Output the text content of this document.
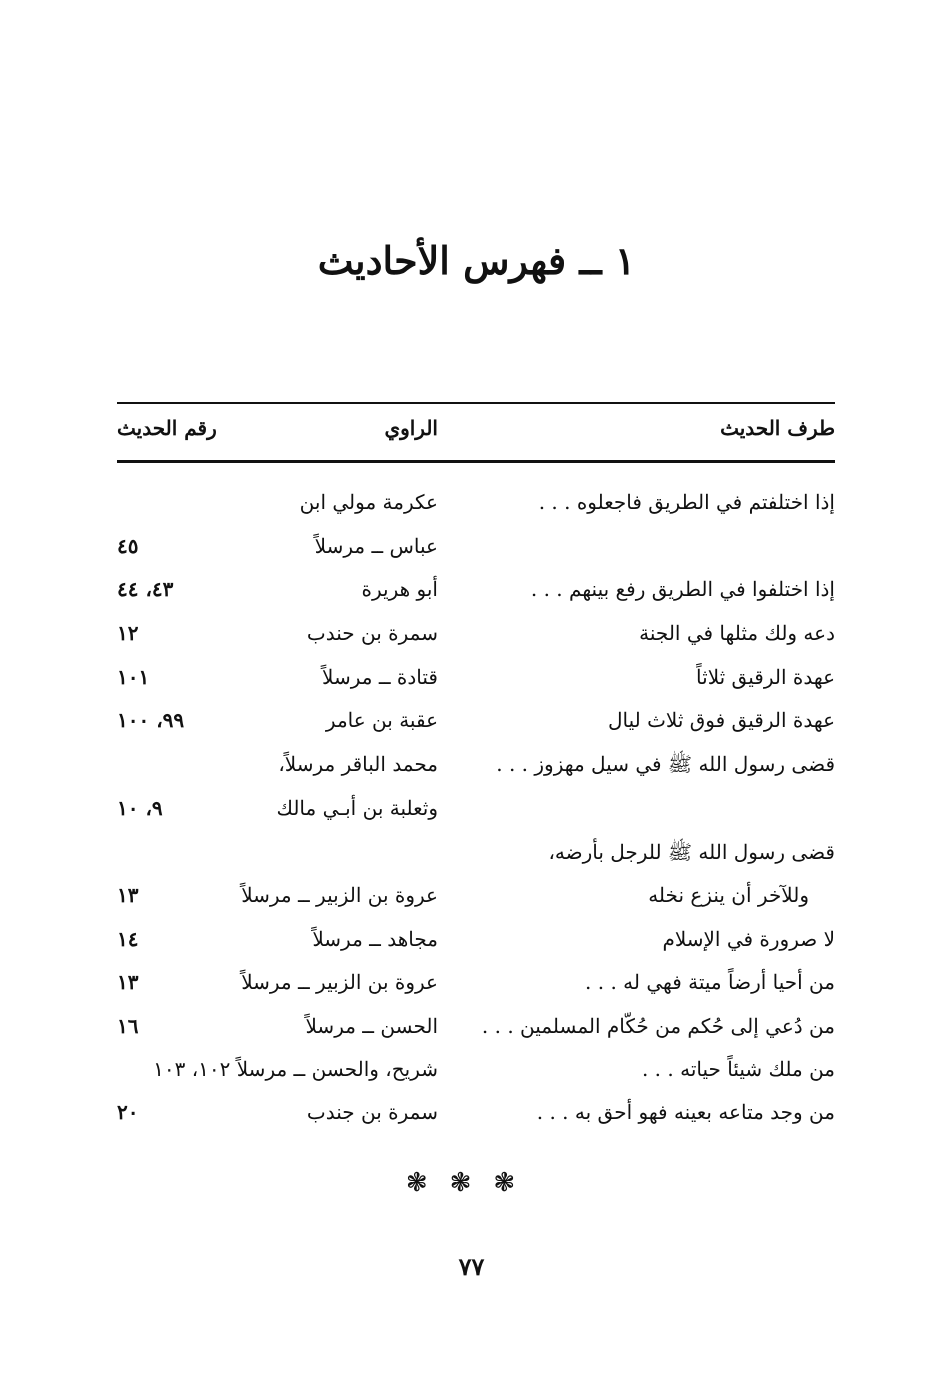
١ ــ فهرس الأحاديث
طرف الحديث
الراوي
رقم الحديث
إذا اختلفتم في الطريق فاجعلوه . . .
عكرمة مولي ابن
عباس ــ مرسلاً
٤٥
إذا اختلفوا في الطريق رفع بينهم . . .
أبو هريرة
٤٣، ٤٤
دعه ولك مثلها في الجنة
سمرة بن حندب
١٢
عهدة الرقيق ثلاثاً
قتادة ــ مرسلاً
١٠١
عهدة الرقيق فوق ثلاث ليال
عقبة بن عامر
٩٩، ١٠٠
قضى رسول الله ﷺ في سيل مهزوز . . .
محمد الباقر مرسلاً،
وثعلبة بن أبـي مالك
٩، ١٠
قضى رسول الله ﷺ للرجل بأرضه،
وللآخر أن ينزع نخله
عروة بن الزبير ــ مرسلاً
١٣
لا صرورة في الإسلام
مجاهد ــ مرسلاً
١٤
من أحيا أرضاً ميتة فهي له . . .
عروة بن الزبير ــ مرسلاً
١٣
من دُعي إلى حُكم من حُكّام المسلمين . . .
الحسن ــ مرسلاً
١٦
من ملك شيئاً حياته . . .
شريح، والحسن ــ مرسلاً ١٠٢، ١٠٣
من وجد متاعه بعينه فهو أحق به . . .
سمرة بن جندب
٢٠
❃❃❃
٧٧
